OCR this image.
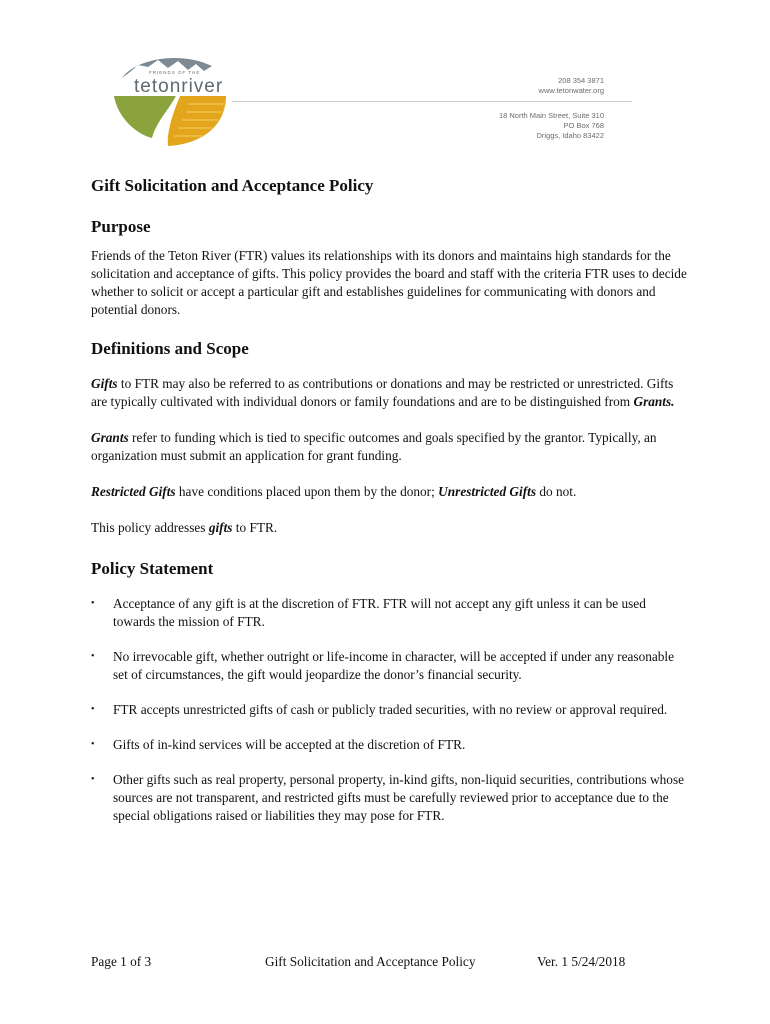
FRIENDS OF THE
tetonriver	208 354 3871
www.tetonwater.org
18 North Main Street, Suite 310
PO Box 768
Driggs, Idaho 83422
Gift Solicitation and Acceptance Policy
Purpose

Friends of the Teton River (FTR) values its relationships with its donors and maintains high standards for the solicitation and acceptance of gifts. This policy provides the board and staff with the criteria FTR uses to decide whether to solicit or accept a particular gift and establishes guidelines for communicating with donors and potential donors.

Definitions and Scope

Gifts to FTR may also be referred to as contributions or donations and may be restricted or unrestricted. Gifts are typically cultivated with individual donors or family foundations and are to be distinguished from Grants.

Grants refer to funding which is tied to specific outcomes and goals specified by the grantor. Typically, an organization must submit an application for grant funding.

Restricted Gifts have conditions placed upon them by the donor; Unrestricted Gifts do not.

This policy addresses gifts to FTR.

Policy Statement
• Acceptance of any gift is at the discretion of FTR. FTR will not accept any gift unless it can be used towards the mission of FTR.
• No irrevocable gift, whether outright or life-income in character, will be accepted if under any reasonable set of circumstances, the gift would jeopardize the donor’s financial security.
• FTR accepts unrestricted gifts of cash or publicly traded securities, with no review or approval required.
• Gifts of in-kind services will be accepted at the discretion of FTR.
• Other gifts such as real property, personal property, in-kind gifts, non-liquid securities, contributions whose sources are not transparent, and restricted gifts must be carefully reviewed prior to acceptance due to the special obligations raised or liabilities they may pose for FTR.
Page 1 of 3	Gift Solicitation and Acceptance Policy	Ver. 1 5/24/2018
